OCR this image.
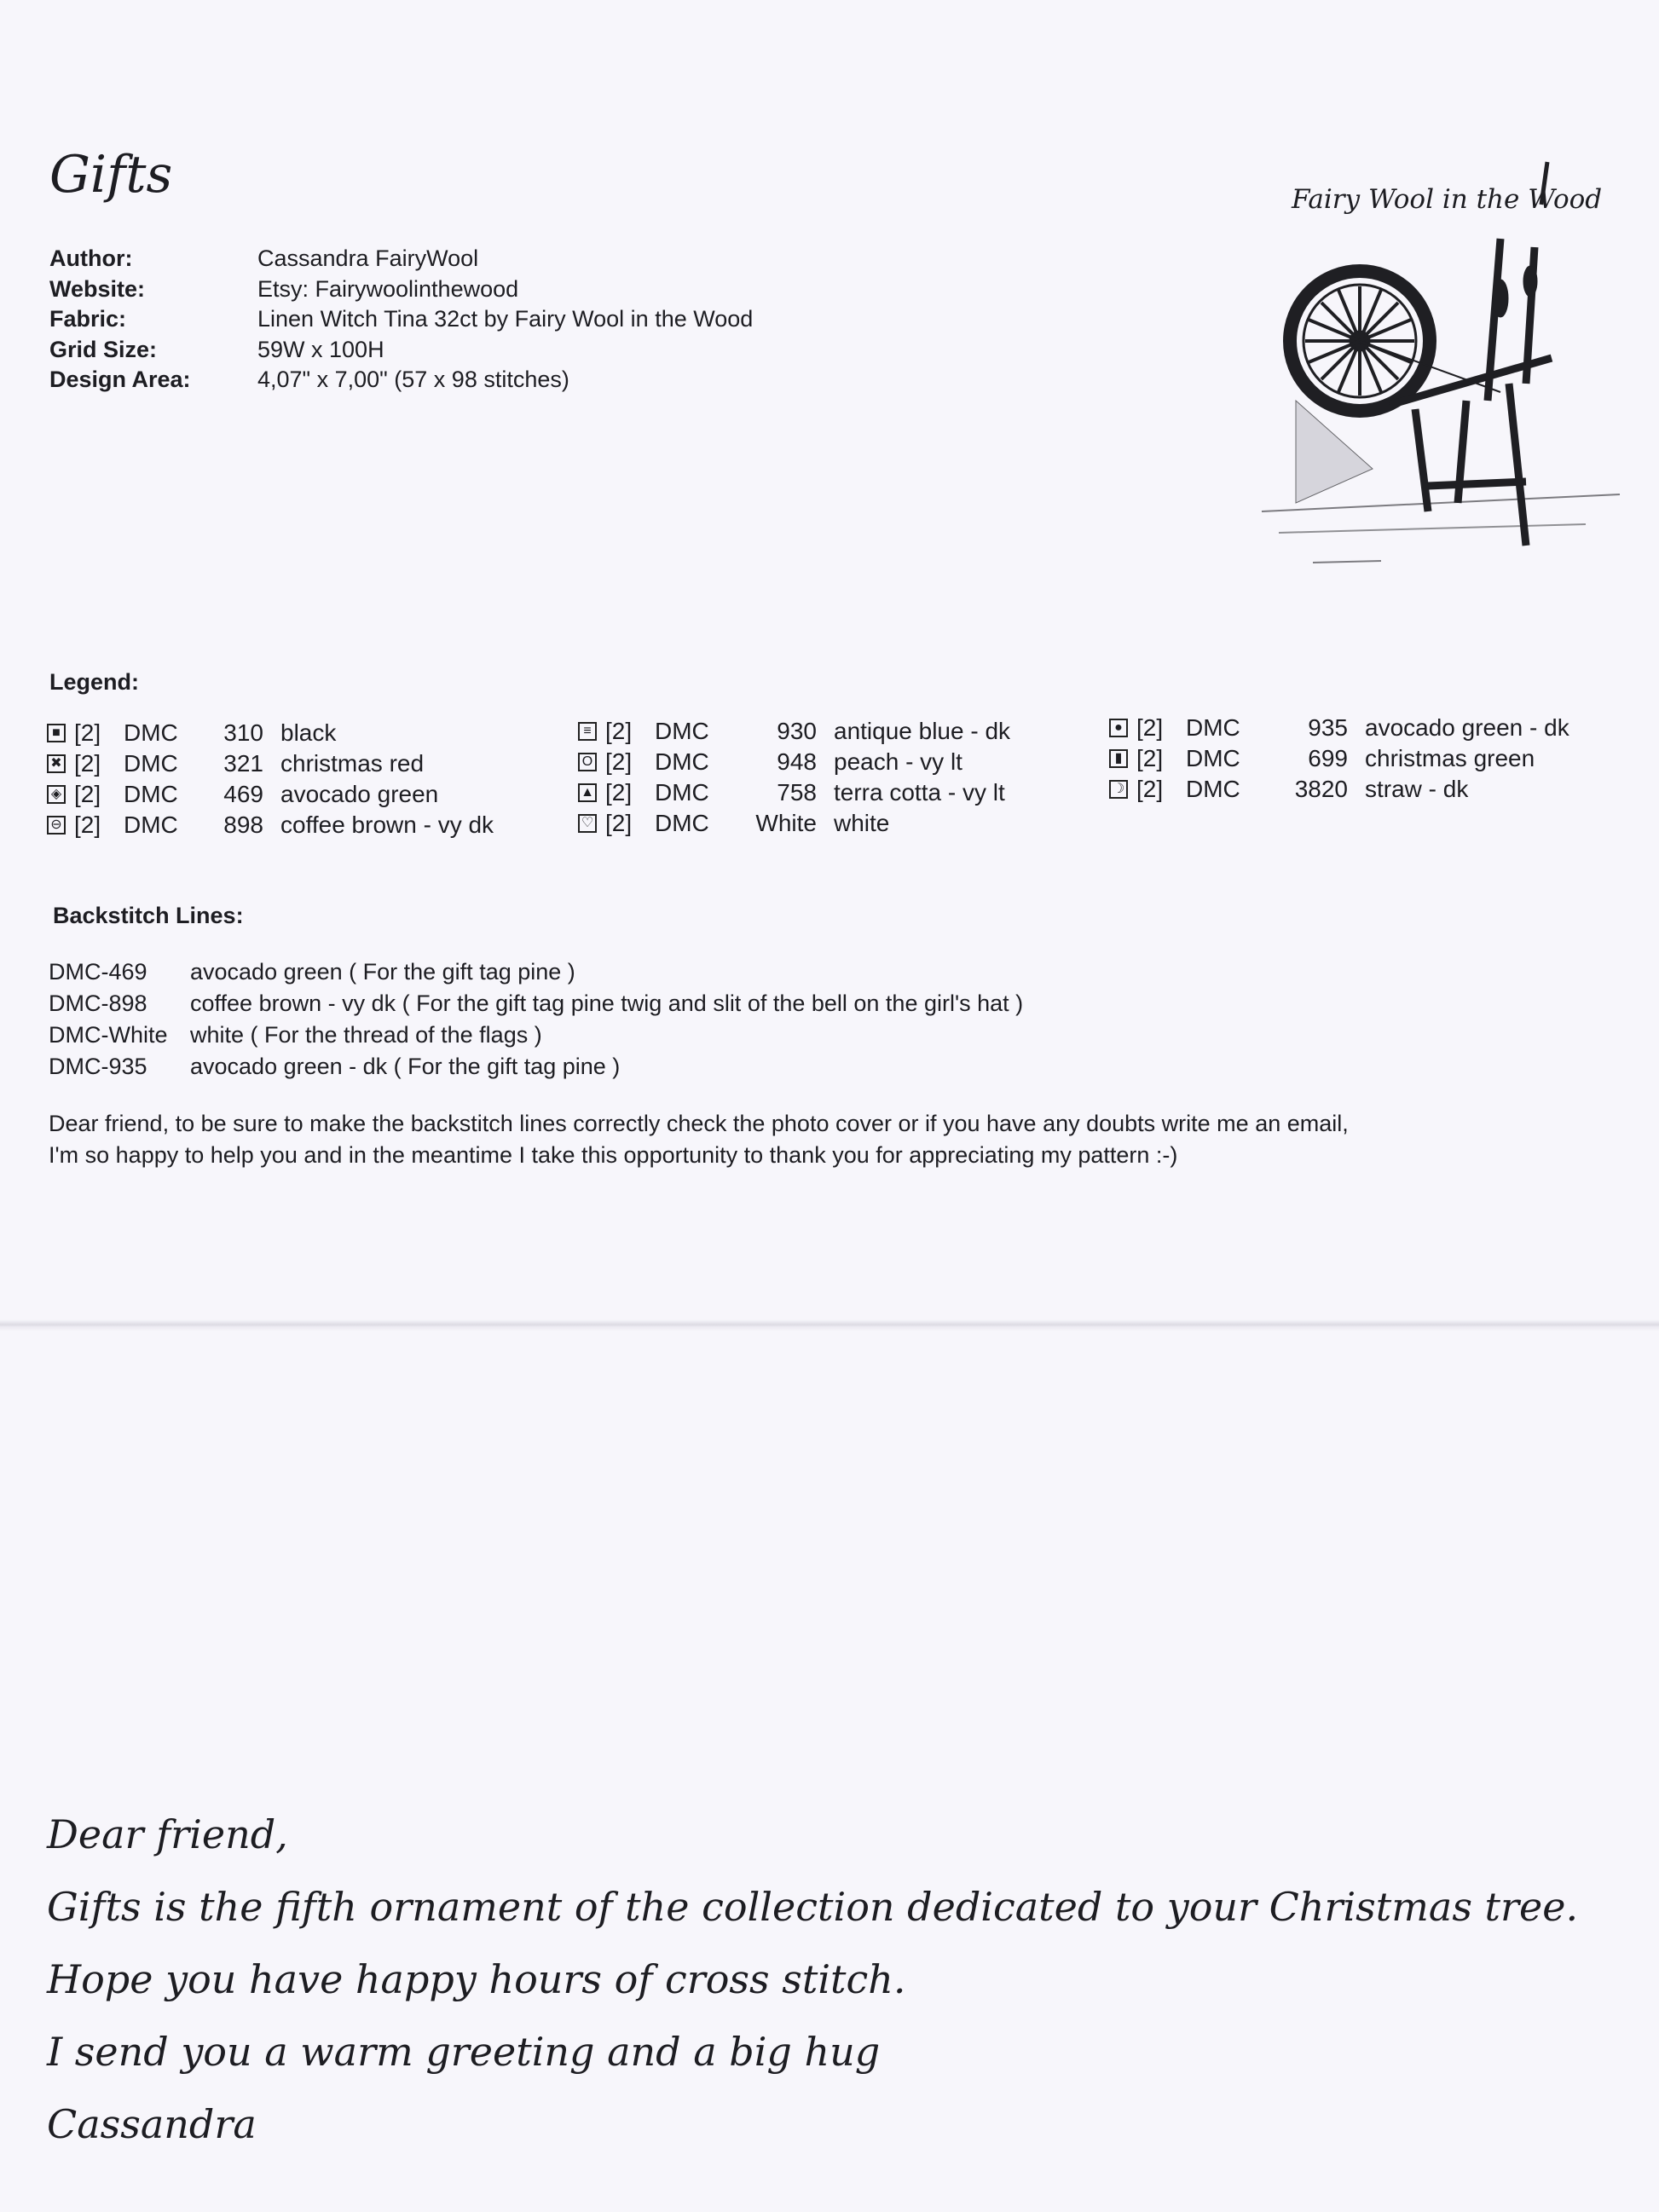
Gifts
Author:	Cassandra FairyWool
Website:	Etsy: Fairywoolinthewood
Fabric:	Linen Witch Tina 32ct by Fairy Wool in the Wood
Grid Size:	59W x 100H
Design Area:	4,07" x 7,00" (57 x 98 stitches)
Fairy Wool in the Wood
Legend:
■ [2] DMC	310 black
✖ [2] DMC	321 christmas red
◈ [2] DMC	469 avocado green
⊖ [2] DMC	898 coffee brown - vy dk
≡ [2] DMC	930 antique blue - dk
O [2] DMC	948 peach - vy lt
▲ [2] DMC	758 terra cotta - vy lt
♡ [2] DMC	White white
● [2] DMC	935 avocado green - dk
▮ [2] DMC	699 christmas green
☽ [2] DMC	3820 straw - dk
Backstitch Lines:
DMC-469	avocado green ( For the gift tag pine )
DMC-898	coffee brown - vy dk ( For the gift tag pine twig and slit of the bell on the girl's hat )
DMC-White white ( For the thread of the flags )
DMC-935	avocado green - dk ( For the gift tag pine )
Dear friend, to be sure to make the backstitch lines correctly check the photo cover or if you have any doubts write me an email,
I'm so happy to help you and in the meantime I take this opportunity to thank you for appreciating my pattern :-)
Dear friend,
Gifts is the fifth ornament of the collection dedicated to your Christmas tree.
Hope you have happy hours of cross stitch.
I send you a warm greeting and a big hug
Cassandra
